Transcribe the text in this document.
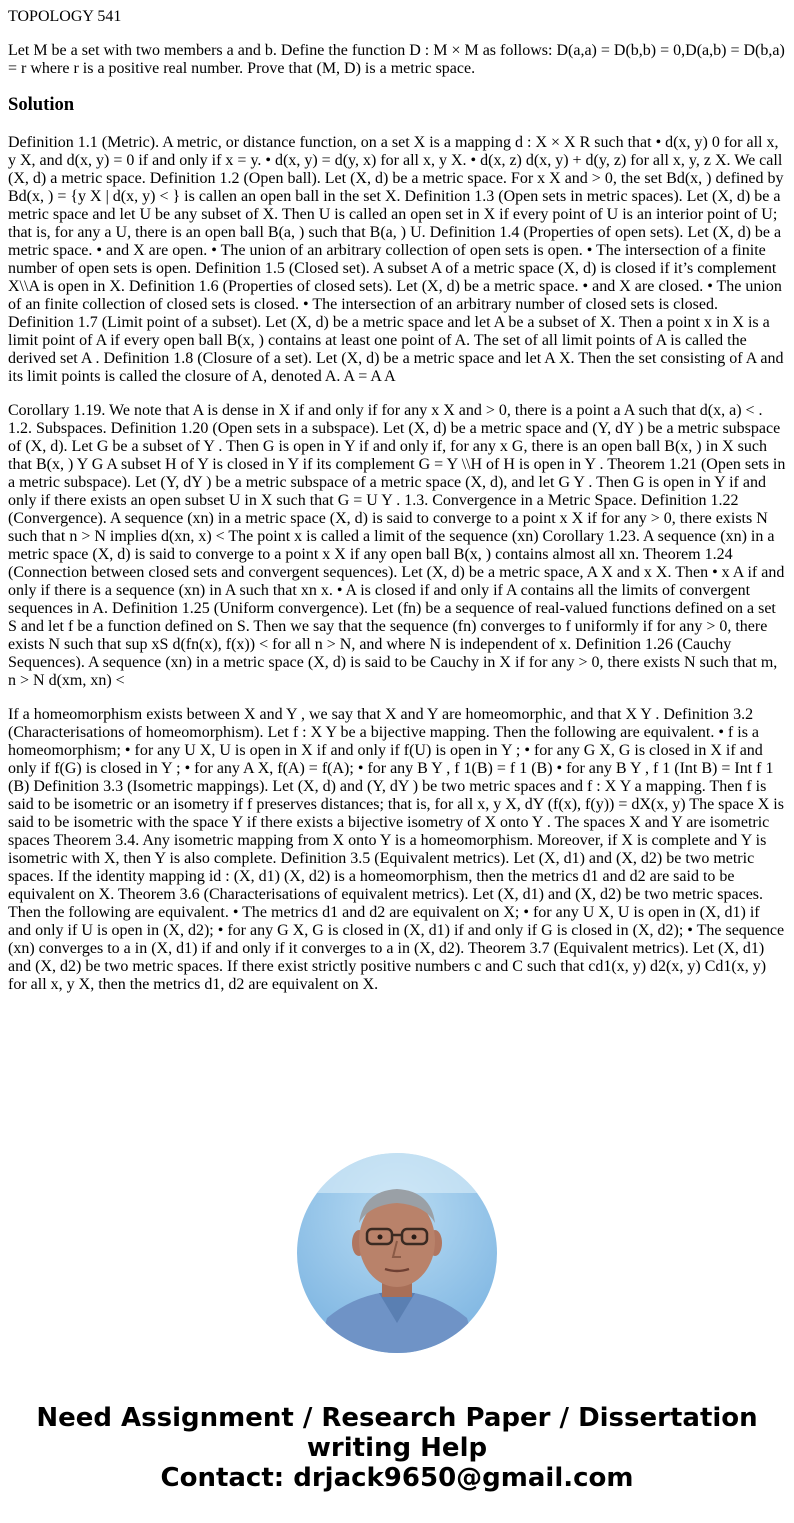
TOPOLOGY 541
Let M be a set with two members a and b. Define the function D : M × M as follows: D(a,a) = D(b,b) = 0,D(a,b) = D(b,a) = r where r is a positive real number. Prove that (M, D) is a metric space.
Solution
Definition 1.1 (Metric). A metric, or distance function, on a set X is a mapping d : X × X R such that • d(x, y) 0 for all x, y X, and d(x, y) = 0 if and only if x = y. • d(x, y) = d(y, x) for all x, y X. • d(x, z) d(x, y) + d(y, z) for all x, y, z X. We call (X, d) a metric space. Definition 1.2 (Open ball). Let (X, d) be a metric space. For x X and > 0, the set Bd(x, ) defined by Bd(x, ) = {y X | d(x, y) < } is callen an open ball in the set X. Definition 1.3 (Open sets in metric spaces). Let (X, d) be a metric space and let U be any subset of X. Then U is called an open set in X if every point of U is an interior point of U; that is, for any a U, there is an open ball B(a, ) such that B(a, ) U. Definition 1.4 (Properties of open sets). Let (X, d) be a metric space. • and X are open. • The union of an arbitrary collection of open sets is open. • The intersection of a finite number of open sets is open. Definition 1.5 (Closed set). A subset A of a metric space (X, d) is closed if it’s complement X\\A is open in X. Definition 1.6 (Properties of closed sets). Let (X, d) be a metric space. • and X are closed. • The union of an finite collection of closed sets is closed. • The intersection of an arbitrary number of closed sets is closed. Definition 1.7 (Limit point of a subset). Let (X, d) be a metric space and let A be a subset of X. Then a point x in X is a limit point of A if every open ball B(x, ) contains at least one point of A. The set of all limit points of A is called the derived set A . Definition 1.8 (Closure of a set). Let (X, d) be a metric space and let A X. Then the set consisting of A and its limit points is called the closure of A, denoted A. A = A A
Corollary 1.19. We note that A is dense in X if and only if for any x X and > 0, there is a point a A such that d(x, a) < . 1.2. Subspaces. Definition 1.20 (Open sets in a subspace). Let (X, d) be a metric space and (Y, dY ) be a metric subspace of (X, d). Let G be a subset of Y . Then G is open in Y if and only if, for any x G, there is an open ball B(x, ) in X such that B(x, ) Y G A subset H of Y is closed in Y if its complement G = Y \\H of H is open in Y . Theorem 1.21 (Open sets in a metric subspace). Let (Y, dY ) be a metric subspace of a metric space (X, d), and let G Y . Then G is open in Y if and only if there exists an open subset U in X such that G = U Y . 1.3. Convergence in a Metric Space. Definition 1.22 (Convergence). A sequence (xn) in a metric space (X, d) is said to converge to a point x X if for any > 0, there exists N such that n > N implies d(xn, x) < The point x is called a limit of the sequence (xn) Corollary 1.23. A sequence (xn) in a metric space (X, d) is said to converge to a point x X if any open ball B(x, ) contains almost all xn. Theorem 1.24 (Connection between closed sets and convergent sequences). Let (X, d) be a metric space, A X and x X. Then • x A if and only if there is a sequence (xn) in A such that xn x. • A is closed if and only if A contains all the limits of convergent sequences in A. Definition 1.25 (Uniform convergence). Let (fn) be a sequence of real-valued functions defined on a set S and let f be a function defined on S. Then we say that the sequence (fn) converges to f uniformly if for any > 0, there exists N such that sup xS d(fn(x), f(x)) < for all n > N, and where N is independent of x. Definition 1.26 (Cauchy Sequences). A sequence (xn) in a metric space (X, d) is said to be Cauchy in X if for any > 0, there exists N such that m, n > N d(xm, xn) <
If a homeomorphism exists between X and Y , we say that X and Y are homeomorphic, and that X Y . Definition 3.2 (Characterisations of homeomorphism). Let f : X Y be a bijective mapping. Then the following are equivalent. • f is a homeomorphism; • for any U X, U is open in X if and only if f(U) is open in Y ; • for any G X, G is closed in X if and only if f(G) is closed in Y ; • for any A X, f(A) = f(A); • for any B Y , f 1(B) = f 1 (B) • for any B Y , f 1 (Int B) = Int f 1 (B) Definition 3.3 (Isometric mappings). Let (X, d) and (Y, dY ) be two metric spaces and f : X Y a mapping. Then f is said to be isometric or an isometry if f preserves distances; that is, for all x, y X, dY (f(x), f(y)) = dX(x, y) The space X is said to be isometric with the space Y if there exists a bijective isometry of X onto Y . The spaces X and Y are isometric spaces Theorem 3.4. Any isometric mapping from X onto Y is a homeomorphism. Moreover, if X is complete and Y is isometric with X, then Y is also complete. Definition 3.5 (Equivalent metrics). Let (X, d1) and (X, d2) be two metric spaces. If the identity mapping id : (X, d1) (X, d2) is a homeomorphism, then the metrics d1 and d2 are said to be equivalent on X. Theorem 3.6 (Characterisations of equivalent metrics). Let (X, d1) and (X, d2) be two metric spaces. Then the following are equivalent. • The metrics d1 and d2 are equivalent on X; • for any U X, U is open in (X, d1) if and only if U is open in (X, d2); • for any G X, G is closed in (X, d1) if and only if G is closed in (X, d2); • The sequence (xn) converges to a in (X, d1) if and only if it converges to a in (X, d2). Theorem 3.7 (Equivalent metrics). Let (X, d1) and (X, d2) be two metric spaces. If there exist strictly positive numbers c and C such that cd1(x, y) d2(x, y) Cd1(x, y) for all x, y X, then the metrics d1, d2 are equivalent on X.
Need Assignment / Research Paper / Dissertation
writing Help
Contact: drjack9650@gmail.com
